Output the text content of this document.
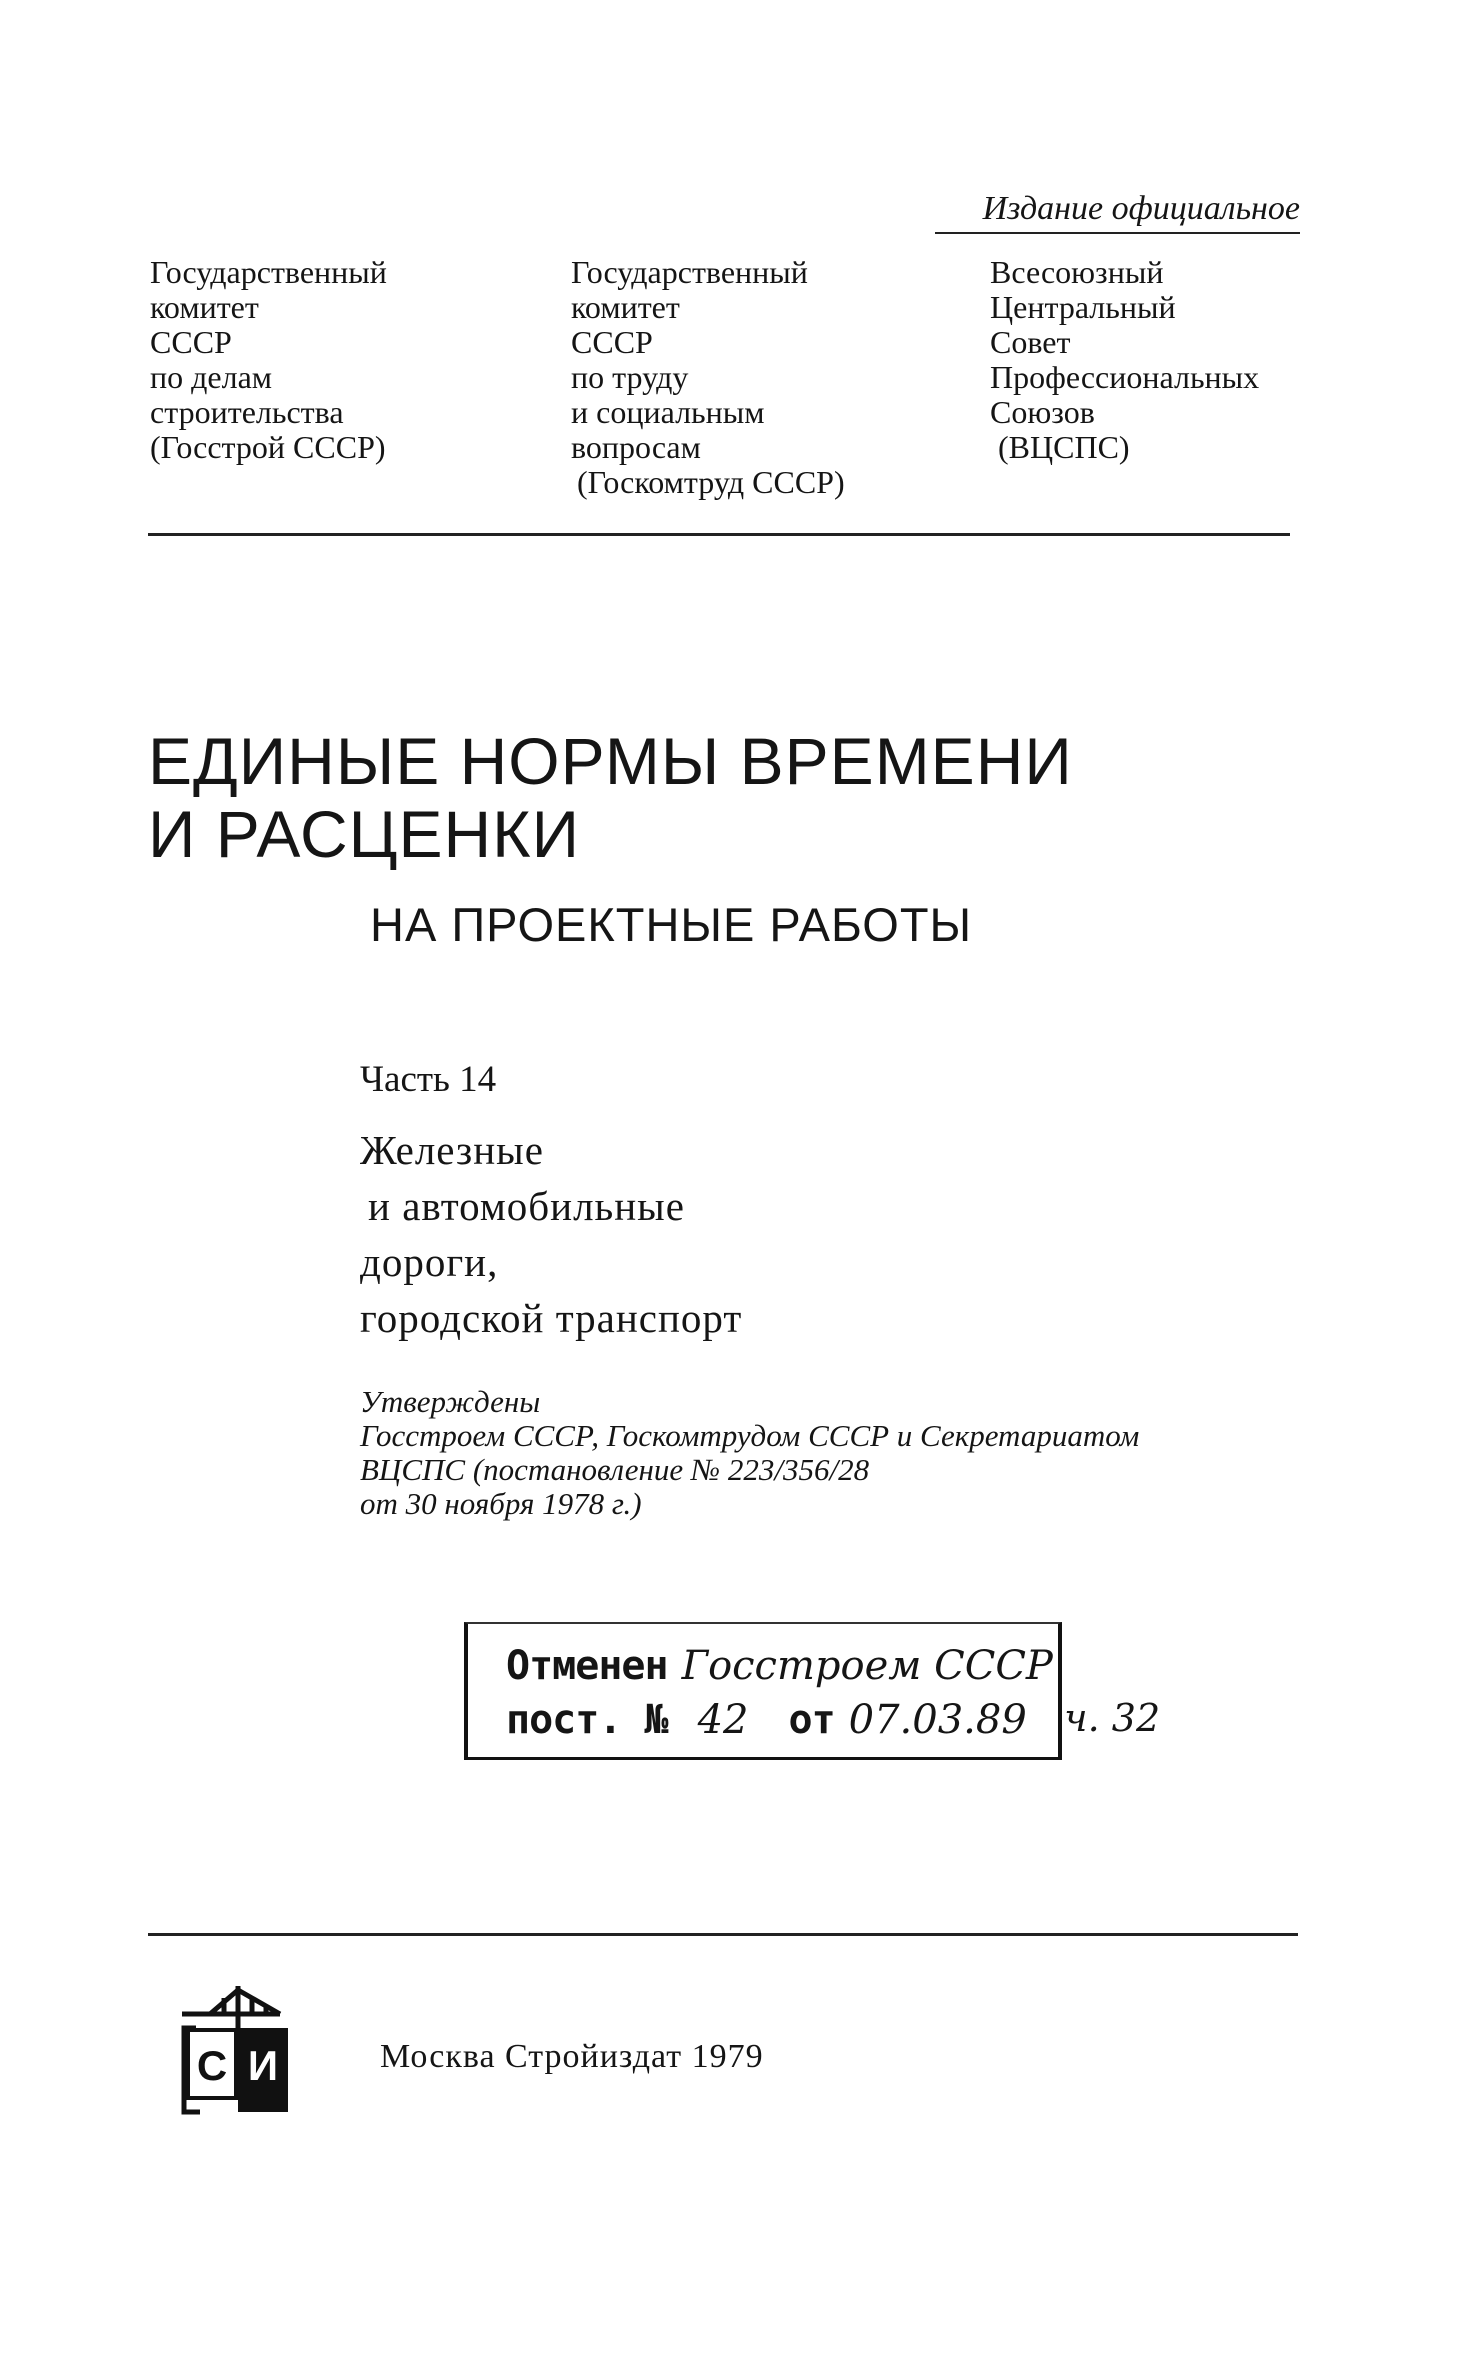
Издание официальное
Государственный
комитет
СССР
по делам
строительства
(Госстрой СССР)
Государственный
комитет
СССР
по труду
и социальным
вопросам
(Госкомтруд СССР)
Всесоюзный
Центральный
Совет
Профессиональных
Союзов
(ВЦСПС)
ЕДИНЫЕ НОРМЫ ВРЕМЕНИ
И РАСЦЕНКИ
НА ПРОЕКТНЫЕ РАБОТЫ
Часть 14
Железные
и автомобильные
дороги,
городской транспорт
Утверждены
Госстроем СССР, Госкомтрудом СССР и Секретариатом
ВЦСПС (постановление № 223/356/28
от 30 ноября 1978 г.)
Отменен Госстроем СССР
пост. № 42 от 07.03.89 ч. 32
С И	Москва Стройиздат 1979
